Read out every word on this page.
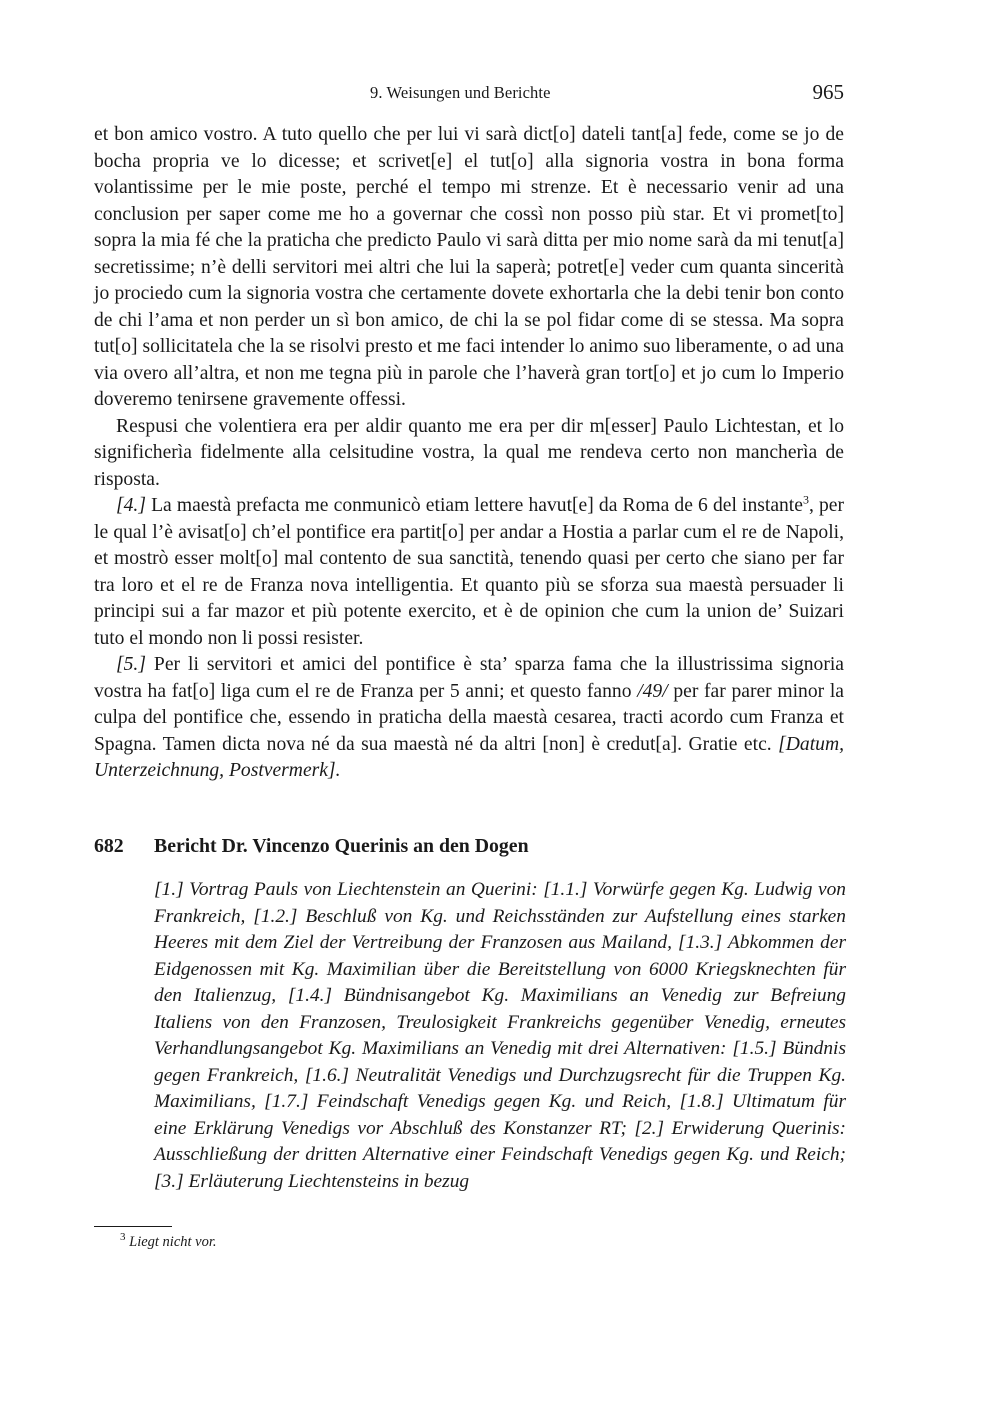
9. Weisungen und Berichte	965

et bon amico vostro. A tuto quello che per lui vi sarà dict[o] dateli tant[a] fede, come se jo de bocha propria ve lo dicesse; et scrivet[e] el tut[o] alla signoria vostra in bona forma volantissime per le mie poste, perché el tempo mi strenze. Et è necessario venir ad una conclusion per saper come me ho a governar che cossì non posso più star. Et vi promet[to] sopra la mia fé che la praticha che predicto Paulo vi sarà ditta per mio nome sarà da mi tenut[a] secretissime; n’è delli servitori mei altri che lui la saperà; potret[e] veder cum quanta sincerità jo prociedo cum la signoria vostra che certamente dovete exhortarla che la debi tenir bon conto de chi l’ama et non perder un sì bon amico, de chi la se pol fidar come di se stessa. Ma sopra tut[o] sollicitatela che la se risolvi presto et me faci intender lo animo suo liberamente, o ad una via overo all’altra, et non me tegna più in parole che l’haverà gran tort[o] et jo cum lo Imperio doveremo tenirsene gravemente offessi.

Respusi che volentiera era per aldir quanto me era per dir m[esser] Paulo Lichtestan, et lo significherìa fidelmente alla celsitudine vostra, la qual me rendeva certo non mancherìa de risposta.

[4.] La maestà prefacta me conmunicò etiam lettere havut[e] da Roma de 6 del instante$^3$, per le qual l’è avisat[o] ch’el pontifice era partit[o] per andar a Hostia a parlar cum el re de Napoli, et mostrò esser molt[o] mal contento de sua sanctità, tenendo quasi per certo che siano per far tra loro et el re de Franza nova intelligentia. Et quanto più se sforza sua maestà persuader li principi sui a far mazor et più potente exercito, et è de opinion che cum la union de’ Suizari tuto el mondo non li possi resister.

[5.] Per li servitori et amici del pontifice è sta’ sparza fama che la illustrissima signoria vostra ha fat[o] liga cum el re de Franza per 5 anni; et questo fanno /49/ per far parer minor la culpa del pontifice che, essendo in praticha della maestà cesarea, tracti acordo cum Franza et Spagna. Tamen dicta nova né da sua maestà né da altri [non] è credut[a]. Gratie etc. [Datum, Unterzeichnung, Postvermerk].

682 Bericht Dr. Vincenzo Querinis an den Dogen

[1.] Vortrag Pauls von Liechtenstein an Querini: [1.1.] Vorwürfe gegen Kg. Ludwig von Frankreich, [1.2.] Beschluß von Kg. und Reichsständen zur Aufstellung eines starken Heeres mit dem Ziel der Vertreibung der Franzosen aus Mailand, [1.3.] Abkommen der Eidgenossen mit Kg. Maximilian über die Bereitstellung von 6000 Kriegsknechten für den Italienzug, [1.4.] Bündnisangebot Kg. Maximilians an Venedig zur Befreiung Italiens von den Franzosen, Treulosigkeit Frankreichs gegenüber Venedig, erneutes Verhandlungsangebot Kg. Maximilians an Venedig mit drei Alternativen: [1.5.] Bündnis gegen Frankreich, [1.6.] Neutralität Venedigs und Durchzugsrecht für die Truppen Kg. Maximilians, [1.7.] Feindschaft Venedigs gegen Kg. und Reich, [1.8.] Ultimatum für eine Erklärung Venedigs vor Abschluß des Konstanzer RT; [2.] Erwiderung Querinis: Ausschließung der dritten Alternative einer Feindschaft Venedigs gegen Kg. und Reich; [3.] Erläuterung Liechtensteins in bezug

$^3$ Liegt nicht vor.
